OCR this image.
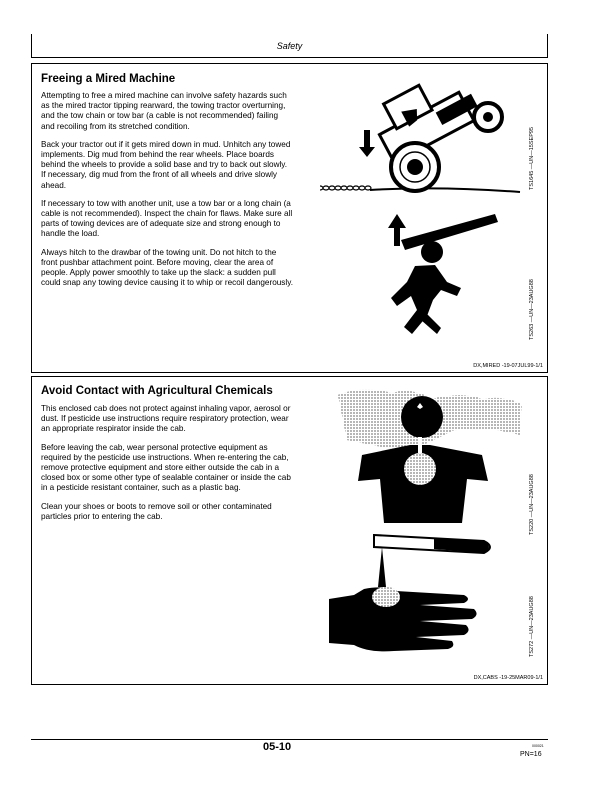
Safety
Freeing a Mired Machine

Attempting to free a mired machine can involve safety hazards such as the mired tractor tipping rearward, the towing tractor overturning, and the tow chain or tow bar (a cable is not recommended) failing and recoiling from its stretched condition.

Back your tractor out if it gets mired down in mud. Unhitch any towed implements. Dig mud from behind the rear wheels. Place boards behind the wheels to provide a solid base and try to back out slowly. If necessary, dig mud from the front of all wheels and drive slowly ahead.

If necessary to tow with another unit, use a tow bar or a long chain (a cable is not recommended). Inspect the chain for flaws. Make sure all parts of towing devices are of adequate size and strong enough to handle the load.

Always hitch to the drawbar of the towing unit. Do not hitch to the front pushbar attachment point. Before moving, clear the area of people. Apply power smoothly to take up the slack: a sudden pull could snap any towing device causing it to whip or recoil dangerously.

TS1645 —UN—15SEP95
TS263 —UN—23AUG88
DX,MIRED -19-07JUL99-1/1
Avoid Contact with Agricultural Chemicals

This enclosed cab does not protect against inhaling vapor, aerosol or dust. If pesticide use instructions require respiratory protection, wear an appropriate respirator inside the cab.

Before leaving the cab, wear personal protective equipment as required by the pesticide use instructions. When re-entering the cab, remove protective equipment and store either outside the cab in a closed box or some other type of sealable container or inside the cab in a pesticide resistant container, such as a plastic bag.

Clean your shoes or boots to remove soil or other contaminated particles prior to entering the cab.	TS220 —UN—23AUG88
TS272 —UN—23AUG88
DX,CABS -19-25MAR09-1/1
05-10	000021
PN=16
